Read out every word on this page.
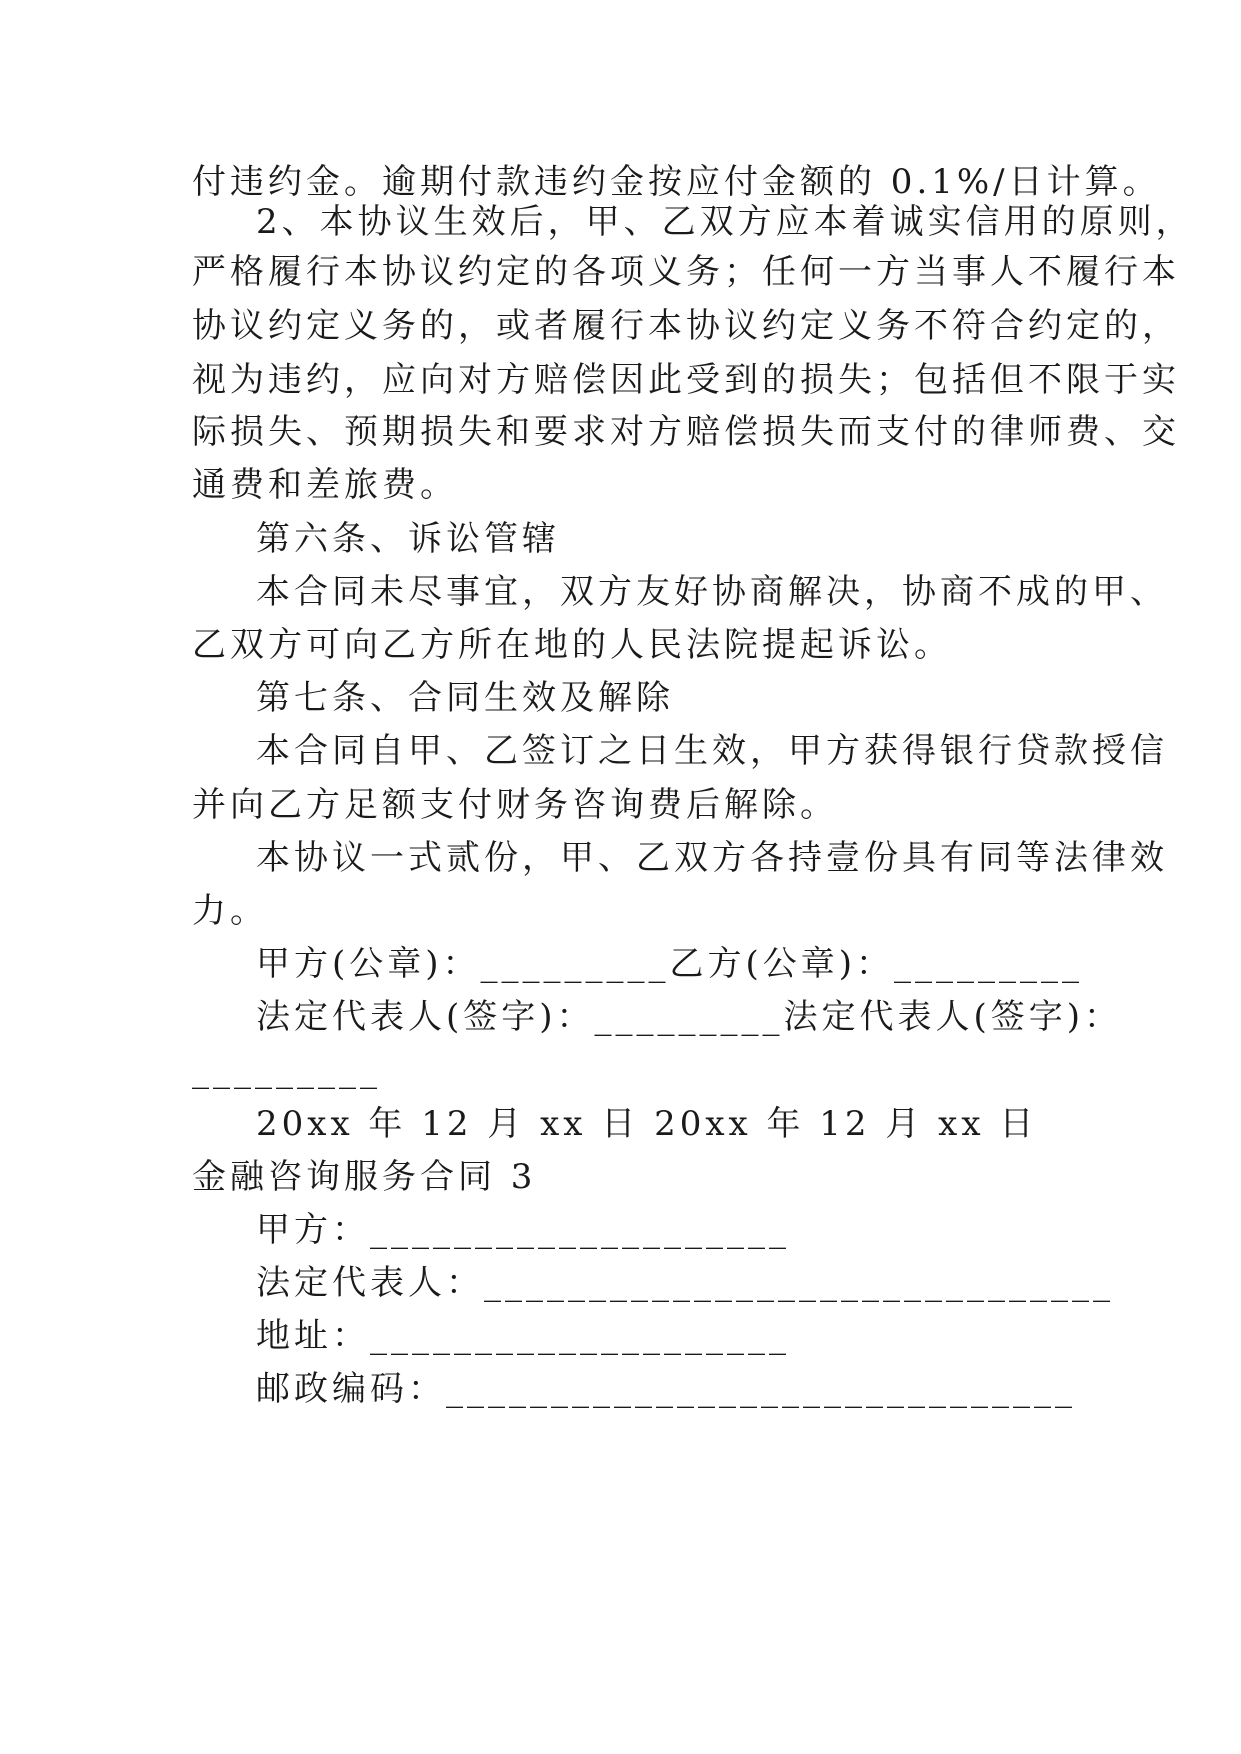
付违约金。逾期付款违约金按应付金额的 0.1%/日计算。
2、本协议生效后，甲、乙双方应本着诚实信用的原则，
严格履行本协议约定的各项义务；任何一方当事人不履行本
协议约定义务的，或者履行本协议约定义务不符合约定的，
视为违约，应向对方赔偿因此受到的损失；包括但不限于实
际损失、预期损失和要求对方赔偿损失而支付的律师费、交
通费和差旅费。
第六条、诉讼管辖
本合同未尽事宜，双方友好协商解决，协商不成的甲、
乙双方可向乙方所在地的人民法院提起诉讼。
第七条、合同生效及解除
本合同自甲、乙签订之日生效，甲方获得银行贷款授信
并向乙方足额支付财务咨询费后解除。
本协议一式贰份，甲、乙双方各持壹份具有同等法律效
力。
甲方(公章)：_________乙方(公章)：_________
法定代表人(签字)：_________法定代表人(签字)：
_________
20xx 年 12 月 xx 日 20xx 年 12 月 xx 日
金融咨询服务合同 3
甲方：____________________
法定代表人：______________________________
地址：____________________
邮政编码：______________________________
